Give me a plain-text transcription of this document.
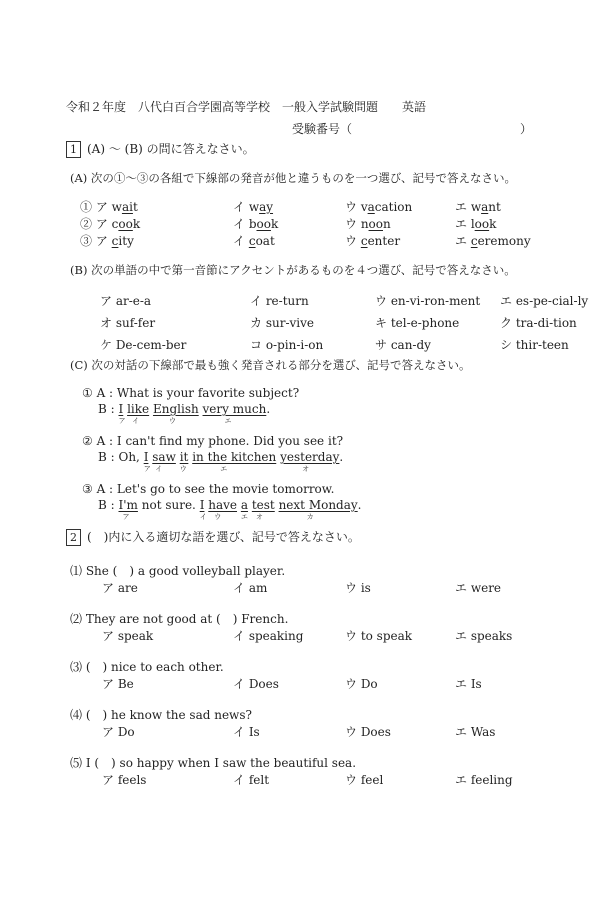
令和２年度　八代白百合学園高等学校　一般入学試験問題　　英語
受験番号（	）
1 (A) ～ (B) の問に答えなさい。
(A) 次の①～③の各組で下線部の発音が他と違うものを一つ選び、記号で答えなさい。
① ア wait	イ way	ウ vacation	エ want
② ア cook	イ book	ウ noon	エ look
③ ア city	イ coat	ウ center	エ ceremony
(B) 次の単語の中で第一音節にアクセントがあるものを４つ選び、記号で答えなさい。
ア ar-e-a	イ re-turn	ウ en-vi-ron-ment	エ es-pe-cial-ly
オ suf-fer	カ sur-vive	キ tel-e-phone	ク tra-di-tion
ケ De-cem-ber	コ o-pin-i-on	サ can-dy	シ thir-teen
(C) 次の対話の下線部で最も強く発音される部分を選び、記号で答えなさい。
① A : What is your favorite subject?
B : I
ア
like
イ
English
ウ
very much
エ
.
② A : I can't find my phone. Did you see it?
B : Oh, I
ア
saw
イ
it
ウ
in the kitchen
エ
yesterday
オ
.
③ A : Let's go to see the movie tomorrow.
B : I'm
ア
not sure. I
イ
have
ウ
a
エ
test
オ
next Monday
カ
.
2 (　)内に入る適切な語を選び、記号で答えなさい。
⑴ She (　) a good volleyball player.
ア are	イ am	ウ is	エ were
⑵ They are not good at (　) French.
ア speak	イ speaking	ウ to speak	エ speaks
⑶ (　) nice to each other.
ア Be	イ Does	ウ Do	エ Is
⑷ (　) he know the sad news?
ア Do	イ Is	ウ Does	エ Was
⑸ I (　) so happy when I saw the beautiful sea.
ア feels	イ felt	ウ feel	エ feeling
